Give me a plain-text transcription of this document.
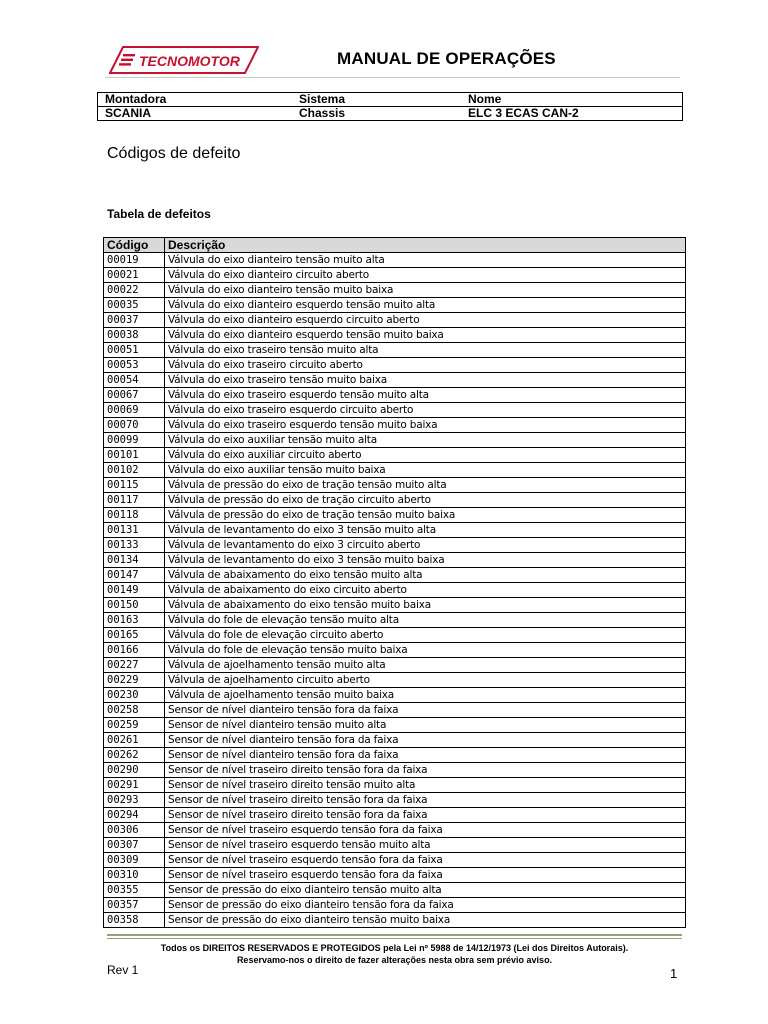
TECNOMOTOR	MANUAL DE OPERAÇÕES
Montadora	Sistema	Nome
SCANIA	Chassis	ELC 3 ECAS CAN-2
Códigos de defeito
Tabela de defeitos
Código	Descrição
00019	Válvula do eixo dianteiro tensão muito alta
00021	Válvula do eixo dianteiro circuito aberto
00022	Válvula do eixo dianteiro tensão muito baixa
00035	Válvula do eixo dianteiro esquerdo tensão muito alta
00037	Válvula do eixo dianteiro esquerdo circuito aberto
00038	Válvula do eixo dianteiro esquerdo tensão muito baixa
00051	Válvula do eixo traseiro tensão muito alta
00053	Válvula do eixo traseiro circuito aberto
00054	Válvula do eixo traseiro tensão muito baixa
00067	Válvula do eixo traseiro esquerdo tensão muito alta
00069	Válvula do eixo traseiro esquerdo circuito aberto
00070	Válvula do eixo traseiro esquerdo tensão muito baixa
00099	Válvula do eixo auxiliar tensão muito alta
00101	Válvula do eixo auxiliar circuito aberto
00102	Válvula do eixo auxiliar tensão muito baixa
00115	Válvula de pressão do eixo de tração tensão muito alta
00117	Válvula de pressão do eixo de tração circuito aberto
00118	Válvula de pressão do eixo de tração tensão muito baixa
00131	Válvula de levantamento do eixo 3 tensão muito alta
00133	Válvula de levantamento do eixo 3 circuito aberto
00134	Válvula de levantamento do eixo 3 tensão muito baixa
00147	Válvula de abaixamento do eixo tensão muito alta
00149	Válvula de abaixamento do eixo circuito aberto
00150	Válvula de abaixamento do eixo tensão muito baixa
00163	Válvula do fole de elevação tensão muito alta
00165	Válvula do fole de elevação circuito aberto
00166	Válvula do fole de elevação tensão muito baixa
00227	Válvula de ajoelhamento tensão muito alta
00229	Válvula de ajoelhamento circuito aberto
00230	Válvula de ajoelhamento tensão muito baixa
00258	Sensor de nível dianteiro tensão fora da faixa
00259	Sensor de nível dianteiro tensão muito alta
00261	Sensor de nível dianteiro tensão fora da faixa
00262	Sensor de nível dianteiro tensão fora da faixa
00290	Sensor de nível traseiro direito tensão fora da faixa
00291	Sensor de nível traseiro direito tensão muito alta
00293	Sensor de nível traseiro direito tensão fora da faixa
00294	Sensor de nível traseiro direito tensão fora da faixa
00306	Sensor de nível traseiro esquerdo tensão fora da faixa
00307	Sensor de nível traseiro esquerdo tensão muito alta
00309	Sensor de nível traseiro esquerdo tensão fora da faixa
00310	Sensor de nível traseiro esquerdo tensão fora da faixa
00355	Sensor de pressão do eixo dianteiro tensão muito alta
00357	Sensor de pressão do eixo dianteiro tensão fora da faixa
00358	Sensor de pressão do eixo dianteiro tensão muito baixa
Todos os DIREITOS RESERVADOS E PROTEGIDOS pela Lei nº 5988 de 14/12/1973 (Lei dos Direitos Autorais).
Reservamo-nos o direito de fazer alterações nesta obra sem prévio aviso.
Rev 1	1
